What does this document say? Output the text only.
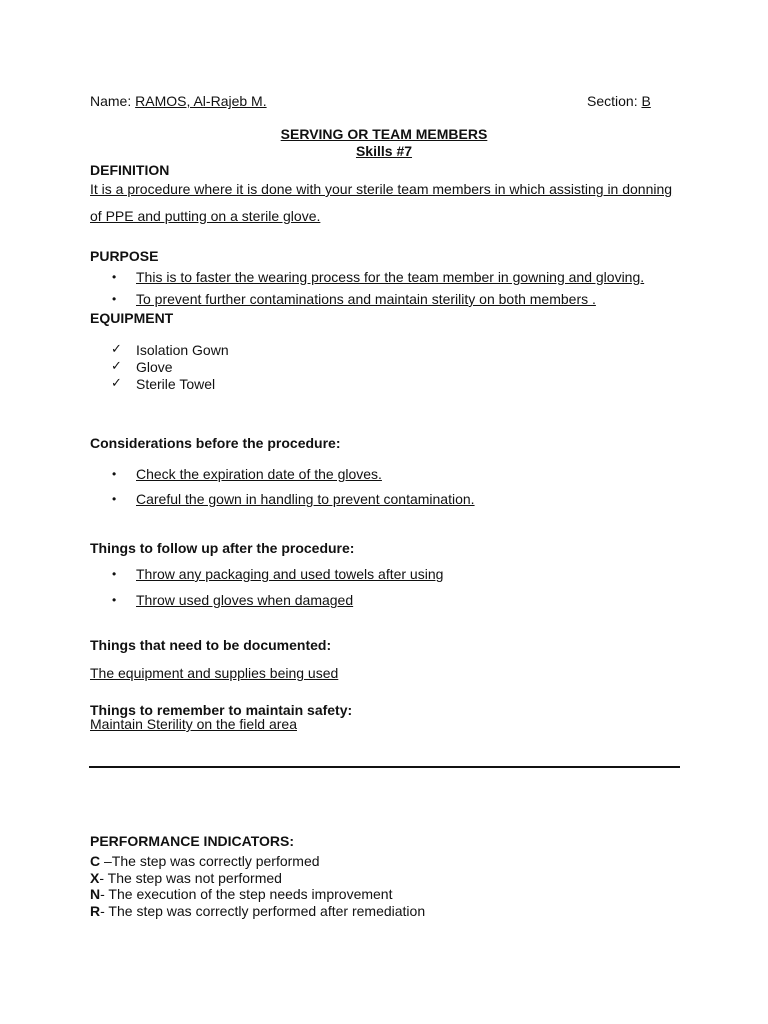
Name: RAMOS, Al-Rajeb M.	Section: B
SERVING OR TEAM MEMBERS
Skills #7
DEFINITION
It is a procedure where it is done with your sterile team members in which assisting in donning
of PPE and putting on a sterile glove.
PURPOSE
• This is to faster the wearing process for the team member in gowning and gloving.
• To prevent further contaminations and maintain sterility on both members .
EQUIPMENT
✓ Isolation Gown
✓ Glove
✓ Sterile Towel
Considerations before the procedure:
• Check the expiration date of the gloves.
• Careful the gown in handling to prevent contamination.
Things to follow up after the procedure:
• Throw any packaging and used towels after using
• Throw used gloves when damaged
Things that need to be documented:
The equipment and supplies being used
Things to remember to maintain safety:
Maintain Sterility on the field area
PERFORMANCE INDICATORS:
C –The step was correctly performed
X- The step was not performed
N- The execution of the step needs improvement
R- The step was correctly performed after remediation
